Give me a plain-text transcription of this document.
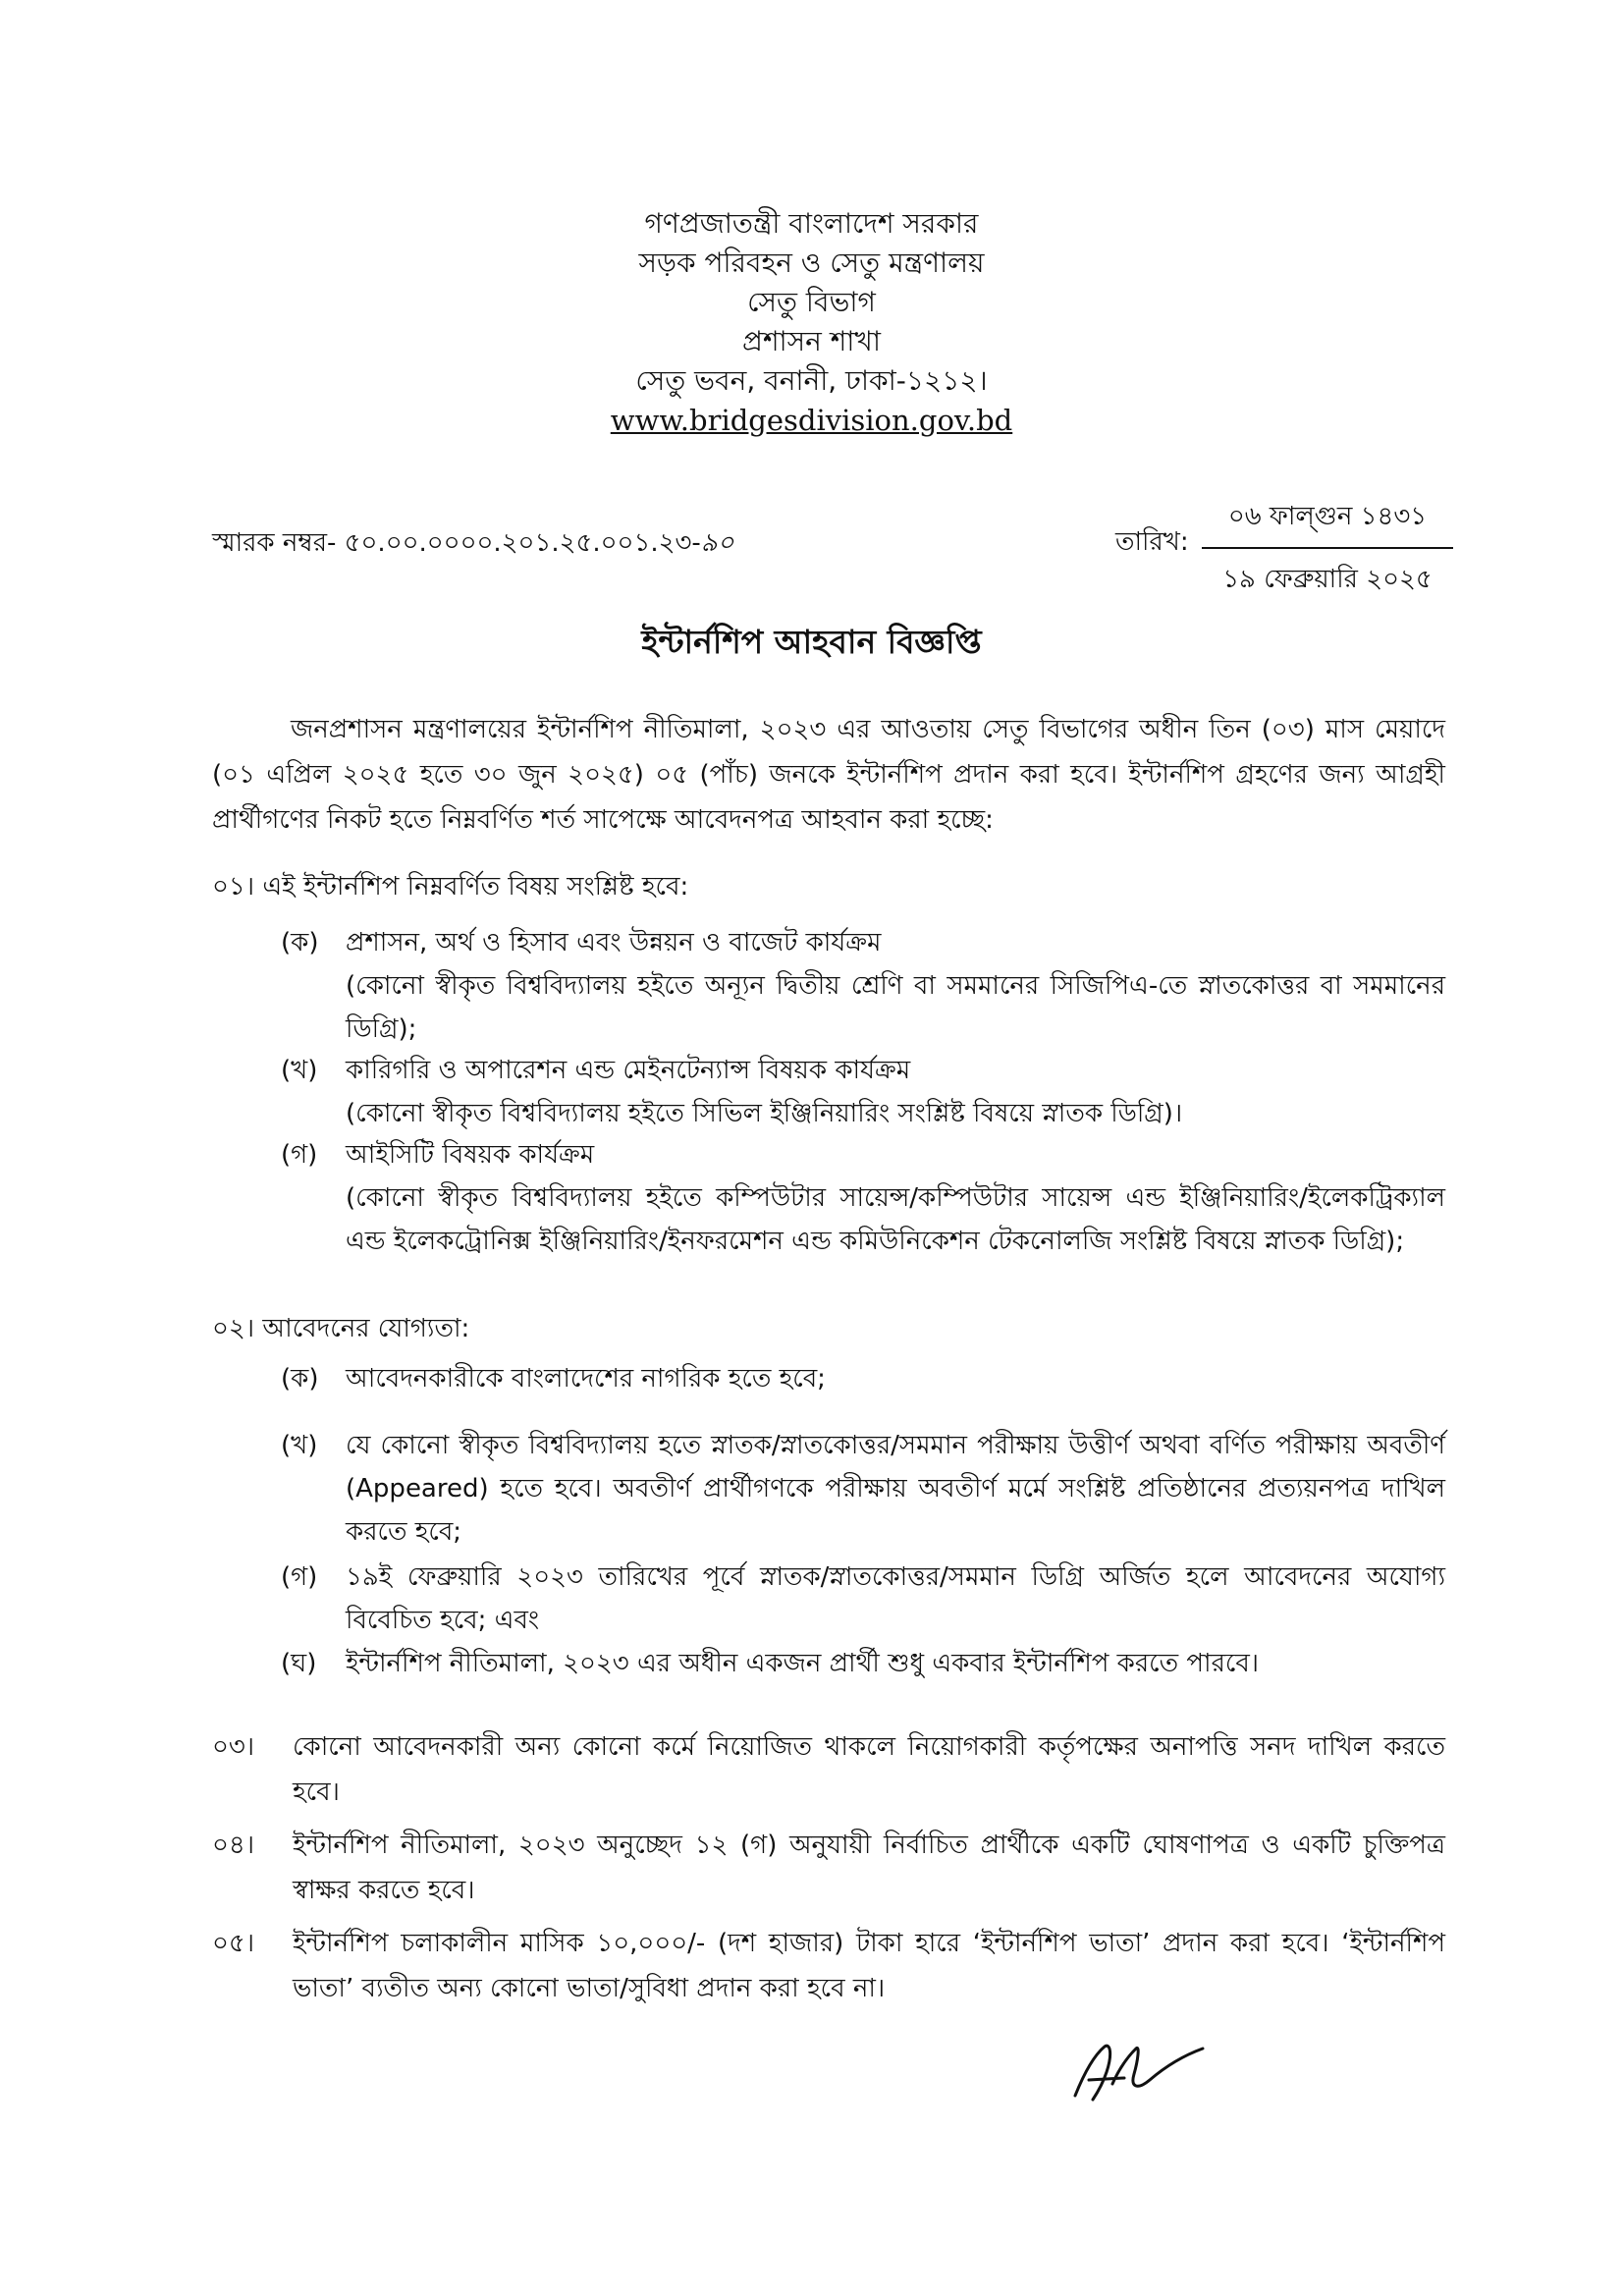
গণপ্রজাতন্ত্রী বাংলাদেশ সরকার
সড়ক পরিবহন ও সেতু মন্ত্রণালয়
সেতু বিভাগ
প্রশাসন শাখা
সেতু ভবন, বনানী, ঢাকা-১২১২।
www.bridgesdivision.gov.bd
স্মারক নম্বর- ৫০.০০.০০০০.২০১.২৫.০০১.২৩-৯০	তারিখ:
০৬ ফাল্গুন ১৪৩১
১৯ ফেব্রুয়ারি ২০২৫
ইন্টার্নশিপ আহবান বিজ্ঞপ্তি
জনপ্রশাসন মন্ত্রণালয়ের ইন্টার্নশিপ নীতিমালা, ২০২৩ এর আওতায় সেতু বিভাগের অধীন তিন (০৩) মাস মেয়াদে (০১ এপ্রিল ২০২৫ হতে ৩০ জুন ২০২৫) ০৫ (পাঁচ) জনকে ইন্টার্নশিপ প্রদান করা হবে। ইন্টার্নশিপ গ্রহণের জন্য আগ্রহী প্রার্থীগণের নিকট হতে নিম্নবর্ণিত শর্ত সাপেক্ষে আবেদনপত্র আহবান করা হচ্ছে:
০১। এই ইন্টার্নশিপ নিম্নবর্ণিত বিষয় সংশ্লিষ্ট হবে:
(ক) প্রশাসন, অর্থ ও হিসাব এবং উন্নয়ন ও বাজেট কার্যক্রম
(কোনো স্বীকৃত বিশ্ববিদ্যালয় হইতে অন্যূন দ্বিতীয় শ্রেণি বা সমমানের সিজিপিএ-তে স্নাতকোত্তর বা সমমানের ডিগ্রি);
(খ) কারিগরি ও অপারেশন এন্ড মেইনটেন্যান্স বিষয়ক কার্যক্রম
(কোনো স্বীকৃত বিশ্ববিদ্যালয় হইতে সিভিল ইঞ্জিনিয়ারিং সংশ্লিষ্ট বিষয়ে স্নাতক ডিগ্রি)।
(গ) আইসিটি বিষয়ক কার্যক্রম
(কোনো স্বীকৃত বিশ্ববিদ্যালয় হইতে কম্পিউটার সায়েন্স/কম্পিউটার সায়েন্স এন্ড ইঞ্জিনিয়ারিং/ইলেকট্রিক্যাল এন্ড ইলেকট্রোনিক্স ইঞ্জিনিয়ারিং/ইনফরমেশন এন্ড কমিউনিকেশন টেকনোলজি সংশ্লিষ্ট বিষয়ে স্নাতক ডিগ্রি);
০২। আবেদনের যোগ্যতা:
(ক) আবেদনকারীকে বাংলাদেশের নাগরিক হতে হবে;
(খ) যে কোনো স্বীকৃত বিশ্ববিদ্যালয় হতে স্নাতক/স্নাতকোত্তর/সমমান পরীক্ষায় উত্তীর্ণ অথবা বর্ণিত পরীক্ষায় অবতীর্ণ (Appeared) হতে হবে। অবতীর্ণ প্রার্থীগণকে পরীক্ষায় অবতীর্ণ মর্মে সংশ্লিষ্ট প্রতিষ্ঠানের প্রত্যয়নপত্র দাখিল করতে হবে;
(গ) ১৯ই ফেব্রুয়ারি ২০২৩ তারিখের পূর্বে স্নাতক/স্নাতকোত্তর/সমমান ডিগ্রি অর্জিত হলে আবেদনের অযোগ্য বিবেচিত হবে; এবং
(ঘ) ইন্টার্নশিপ নীতিমালা, ২০২৩ এর অধীন একজন প্রার্থী শুধু একবার ইন্টার্নশিপ করতে পারবে।
০৩। কোনো আবেদনকারী অন্য কোনো কর্মে নিয়োজিত থাকলে নিয়োগকারী কর্তৃপক্ষের অনাপত্তি সনদ দাখিল করতে হবে।
০৪। ইন্টার্নশিপ নীতিমালা, ২০২৩ অনুচ্ছেদ ১২ (গ) অনুযায়ী নির্বাচিত প্রার্থীকে একটি ঘোষণাপত্র ও একটি চুক্তিপত্র স্বাক্ষর করতে হবে।
০৫। ইন্টার্নশিপ চলাকালীন মাসিক ১০,০০০/- (দশ হাজার) টাকা হারে ‘ইন্টার্নশিপ ভাতা’ প্রদান করা হবে। ‘ইন্টার্নশিপ ভাতা’ ব্যতীত অন্য কোনো ভাতা/সুবিধা প্রদান করা হবে না।
